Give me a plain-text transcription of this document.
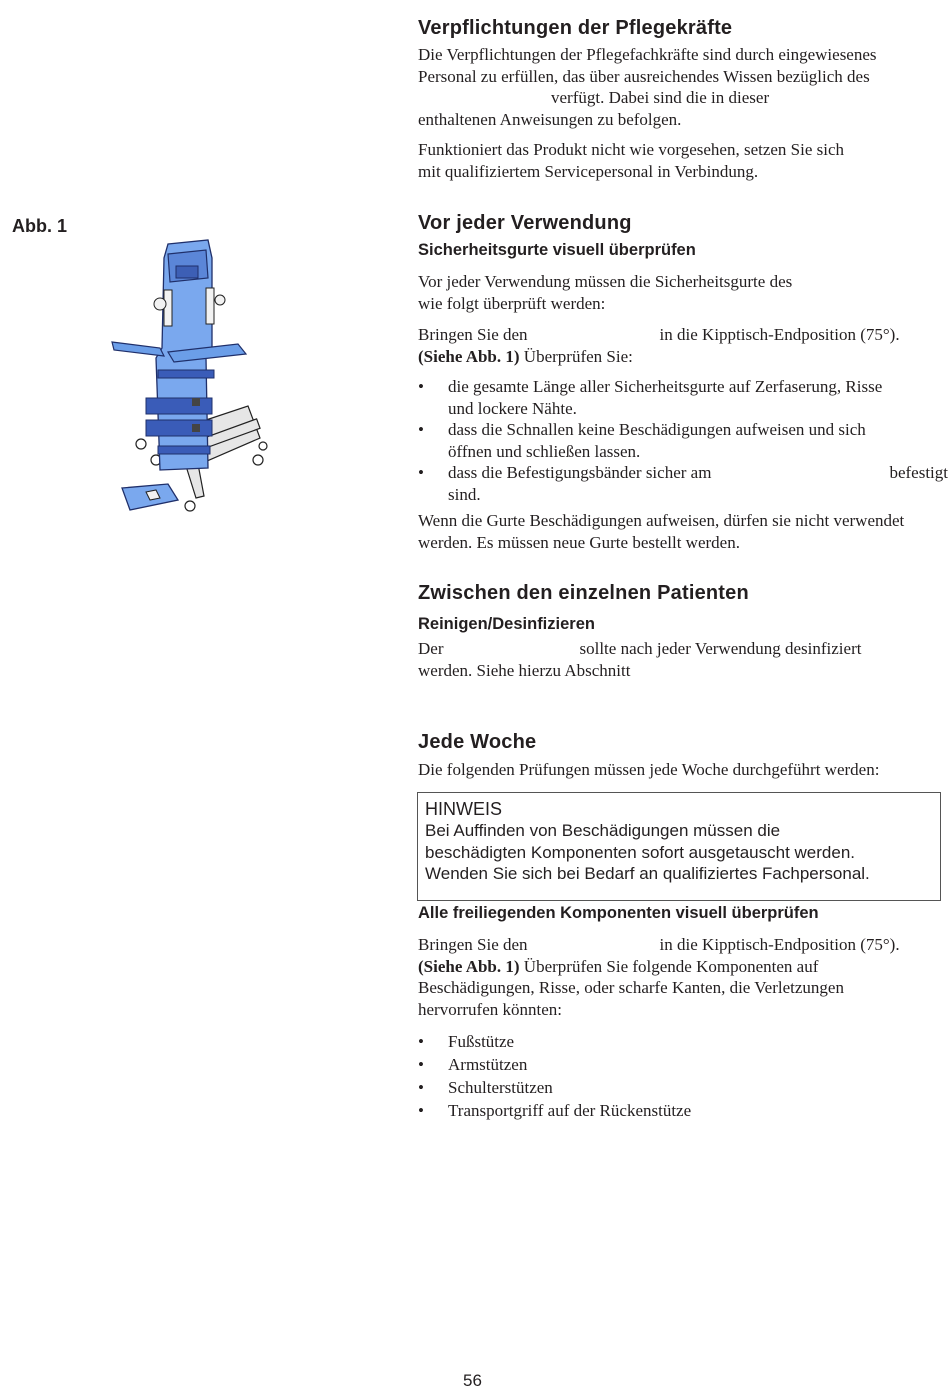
Verpflichtungen der Pflegekräfte
Die Verpflichtungen der Pflegefachkräfte sind durch eingewiesenes
Personal zu erfüllen, das über ausreichendes Wissen bezüglich des
verfügt. Dabei sind die in dieser
enthaltenen Anweisungen zu befolgen.
Funktioniert das Produkt nicht wie vorgesehen, setzen Sie sich
mit qualifiziertem Servicepersonal in Verbindung.
Abb. 1	Vor jeder Verwendung
Sicherheitsgurte visuell überprüfen
Vor jeder Verwendung müssen die Sicherheitsgurte des
wie folgt überprüft werden:
Bringen Sie den	in die Kipptisch-Endposition (75°).
(Siehe Abb. 1) Überprüfen Sie:
• die gesamte Länge aller Sicherheitsgurte auf Zerfaserung, Risse
und lockere Nähte.
• dass die Schnallen keine Beschädigungen aufweisen und sich
öffnen und schließen lassen.
• dass die Befestigungsbänder sicher am	befestigt
sind.
Wenn die Gurte Beschädigungen aufweisen, dürfen sie nicht verwendet
werden. Es müssen neue Gurte bestellt werden.
Zwischen den einzelnen Patienten
Reinigen/Desinfizieren
Der	sollte nach jeder Verwendung desinfiziert
werden. Siehe hierzu Abschnitt
Jede Woche
Die folgenden Prüfungen müssen jede Woche durchgeführt werden:
HINWEIS
Bei Auffinden von Beschädigungen müssen die
beschädigten Komponenten sofort ausgetauscht werden.
Wenden Sie sich bei Bedarf an qualifiziertes Fachpersonal.
Alle freiliegenden Komponenten visuell überprüfen
Bringen Sie den	in die Kipptisch-Endposition (75°).
(Siehe Abb. 1) Überprüfen Sie folgende Komponenten auf
Beschädigungen, Risse, oder scharfe Kanten, die Verletzungen
hervorrufen könnten:
• Fußstütze
• Armstützen
• Schulterstützen
• Transportgriff auf der Rückenstütze
56
